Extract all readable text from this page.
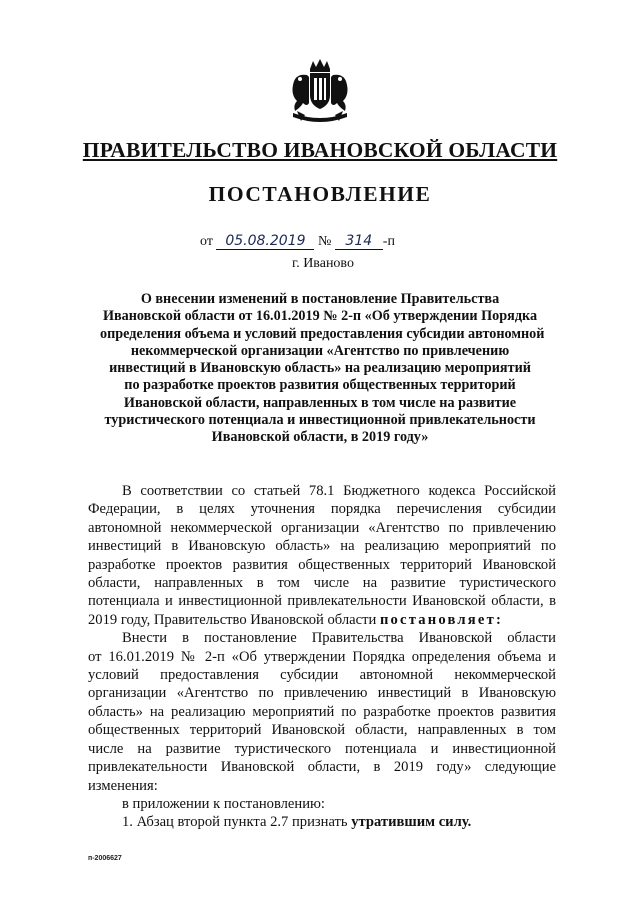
ПРАВИТЕЛЬСТВО ИВАНОВСКОЙ ОБЛАСТИ
ПОСТАНОВЛЕНИЕ
от 05.08.2019 № 314 -п
г. Иваново
О внесении изменений в постановление Правительства
Ивановской области от 16.01.2019 № 2-п «Об утверждении Порядка
определения объема и условий предоставления субсидии автономной
некоммерческой организации «Агентство по привлечению
инвестиций в Ивановскую область» на реализацию мероприятий
по разработке проектов развития общественных территорий
Ивановской области, направленных в том числе на развитие
туристического потенциала и инвестиционной привлекательности
Ивановской области, в 2019 году»
В соответствии со статьей 78.1 Бюджетного кодекса Российской
Федерации, в целях уточнения порядка перечисления субсидии
автономной некоммерческой организации «Агентство по привлечению
инвестиций в Ивановскую область» на реализацию мероприятий по
разработке проектов развития общественных территорий Ивановской
области, направленных в том числе на развитие туристического
потенциала и инвестиционной привлекательности Ивановской области, в
2019 году, Правительство Ивановской области постановляет:
Внести в постановление Правительства Ивановской области
от 16.01.2019 № 2-п «Об утверждении Порядка определения объема и
условий предоставления субсидии автономной некоммерческой
организации «Агентство по привлечению инвестиций в Ивановскую
область» на реализацию мероприятий по разработке проектов развития
общественных территорий Ивановской области, направленных в том
числе на развитие туристического потенциала и инвестиционной
привлекательности Ивановской области, в 2019 году» следующие
изменения:
в приложении к постановлению:
1. Абзац второй пункта 2.7 признать утратившим силу.
п-2006627
